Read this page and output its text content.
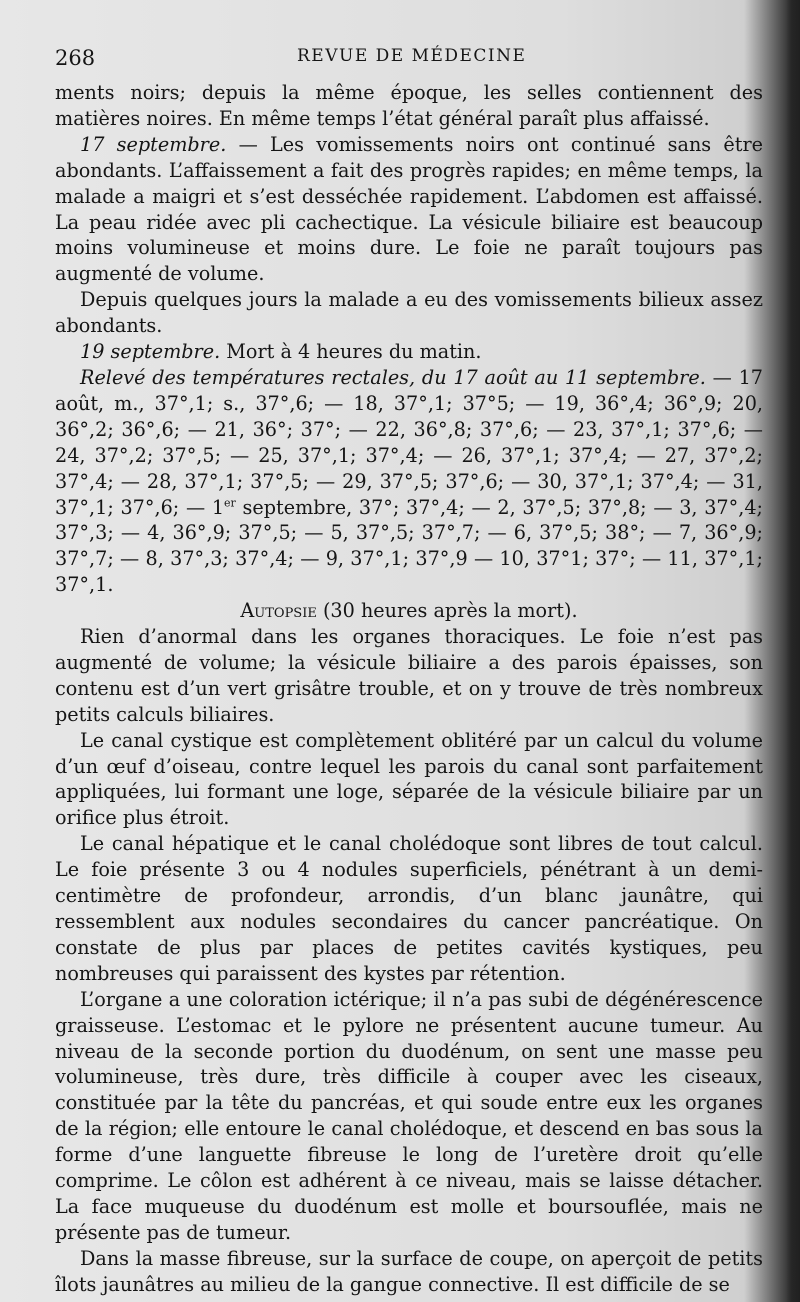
268	REVUE DE MÉDECINE

ments noirs; depuis la même époque, les selles contiennent des matières noires. En même temps l’état général paraît plus affaissé.

17 septembre. — Les vomissements noirs ont continué sans être abondants. L’affaissement a fait des progrès rapides; en même temps, la malade a maigri et s’est desséchée rapidement. L’abdomen est affaissé. La peau ridée avec pli cachectique. La vésicule biliaire est beaucoup moins volumineuse et moins dure. Le foie ne paraît toujours pas augmenté de volume.

Depuis quelques jours la malade a eu des vomissements bilieux assez abondants.

19 septembre. Mort à 4 heures du matin.

Relevé des températures rectales, du 17 août au 11 septembre. — 17 août, m., 37°,1; s., 37°,6; — 18, 37°,1; 37°5; — 19, 36°,4; 36°,9; 20, 36°,2; 36°,6; — 21, 36°; 37°; — 22, 36°,8; 37°,6; — 23, 37°,1; 37°,6; — 24, 37°,2; 37°,5; — 25, 37°,1; 37°,4; — 26, 37°,1; 37°,4; — 27, 37°,2; 37°,4; — 28, 37°,1; 37°,5; — 29, 37°,5; 37°,6; — 30, 37°,1; 37°,4; — 31, 37°,1; 37°,6; — 1er septembre, 37°; 37°,4; — 2, 37°,5; 37°,8; — 3, 37°,4; 37°,3; — 4, 36°,9; 37°,5; — 5, 37°,5; 37°,7; — 6, 37°,5; 38°; — 7, 36°,9; 37°,7; — 8, 37°,3; 37°,4; — 9, 37°,1; 37°,9 — 10, 37°1; 37°; — 11, 37°,1; 37°,1.

Autopsie (30 heures après la mort).

Rien d’anormal dans les organes thoraciques. Le foie n’est pas augmenté de volume; la vésicule biliaire a des parois épaisses, son contenu est d’un vert grisâtre trouble, et on y trouve de très nombreux petits calculs biliaires.

Le canal cystique est complètement oblitéré par un calcul du volume d’un œuf d’oiseau, contre lequel les parois du canal sont parfaitement appliquées, lui formant une loge, séparée de la vésicule biliaire par un orifice plus étroit.

Le canal hépatique et le canal cholédoque sont libres de tout calcul. Le foie présente 3 ou 4 nodules superficiels, pénétrant à un demi-centimètre de profondeur, arrondis, d’un blanc jaunâtre, qui ressemblent aux nodules secondaires du cancer pancréatique. On constate de plus par places de petites cavités kystiques, peu nombreuses qui paraissent des kystes par rétention.

L’organe a une coloration ictérique; il n’a pas subi de dégénérescence graisseuse. L’estomac et le pylore ne présentent aucune tumeur. Au niveau de la seconde portion du duodénum, on sent une masse peu volumineuse, très dure, très difficile à couper avec les ciseaux, constituée par la tête du pancréas, et qui soude entre eux les organes de la région; elle entoure le canal cholédoque, et descend en bas sous la forme d’une languette fibreuse le long de l’uretère droit qu’elle comprime. Le côlon est adhérent à ce niveau, mais se laisse détacher. La face muqueuse du duodénum est molle et boursouflée, mais ne présente pas de tumeur.

Dans la masse fibreuse, sur la surface de coupe, on aperçoit de petits îlots jaunâtres au milieu de la gangue connective. Il est difficile de se
